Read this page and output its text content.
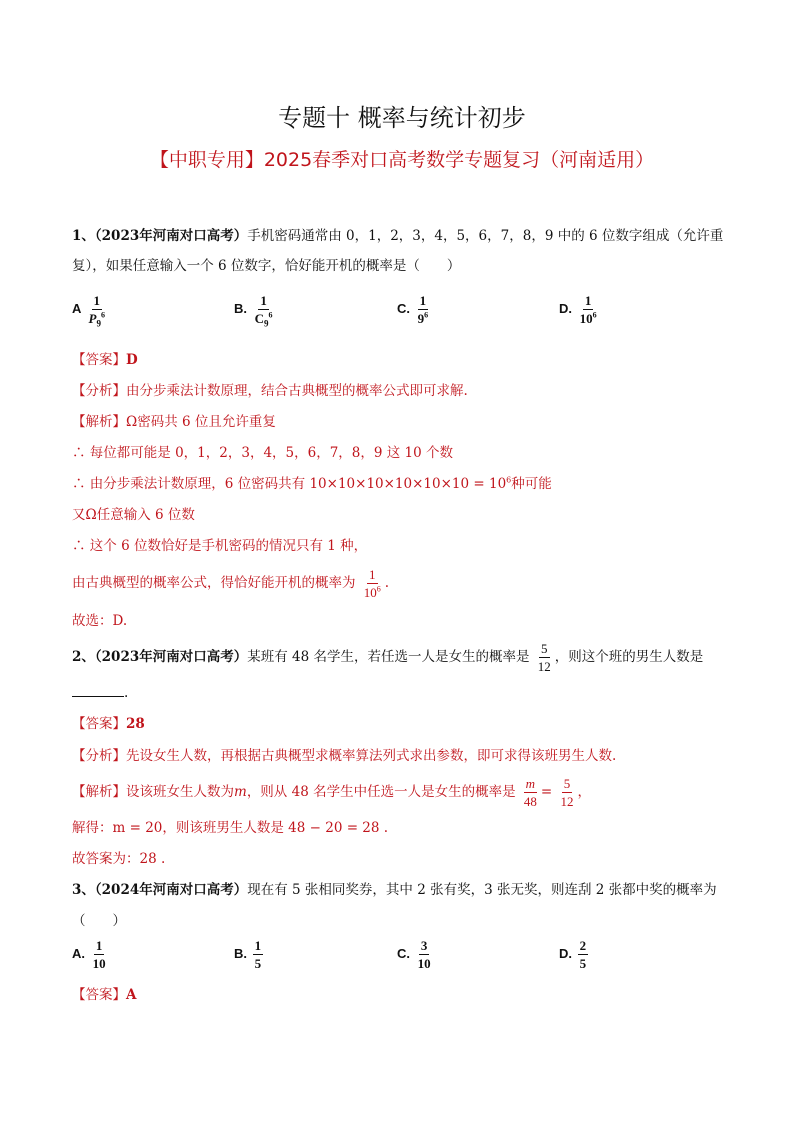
专题十 概率与统计初步
【中职专用】2025春季对口高考数学专题复习（河南适用）
1、（2023年河南对口高考）手机密码通常由 0，1，2，3，4，5，6，7，8，9 中的 6 位数字组成（允许重
复），如果任意输入一个 6 位数字，恰好能开机的概率是（　　）
A $\frac{1}{P_9^6}$	B. $\frac{1}{C_9^6}$	C. $\frac{1}{9^6}$	D. $\frac{1}{10^6}$
【答案】D
【分析】由分步乘法计数原理，结合古典概型的概率公式即可求解.
【解析】Ω密码共 6 位且允许重复
∴ 每位都可能是 0，1，2，3，4，5，6，7，8，9 这 10 个数
∴ 由分步乘法计数原理，6 位密码共有 $10\times 10\times 10\times 10\times 10\times 10 = 10^6$种可能
又Ω任意输入 6 位数
∴ 这个 6 位数恰好是手机密码的情况只有 1 种，
由古典概型的概率公式，得恰好能开机的概率为 $\frac{1}{10^6}$ .
故选：D.
2、（2023年河南对口高考）某班有 48 名学生，若任选一人是女生的概率是 $\frac{5}{12}$ ，则这个班的男生人数是
.
【答案】28
【分析】先设女生人数，再根据古典概型求概率算法列式求出参数，即可求得该班男生人数.
【解析】设该班女生人数为m，则从 48 名学生中任选一人是女生的概率是 $\frac{m}{48} = \frac{5}{12}$ ，
解得：m = 20，则该班男生人数是 48 − 20 = 28 .
故答案为：28 .
3、（2024年河南对口高考）现在有 5 张相同奖券，其中 2 张有奖，3 张无奖，则连刮 2 张都中奖的概率为
（　　）
A. $\frac{1}{10}$	B. $\frac{1}{5}$	C. $\frac{3}{10}$	D. $\frac{2}{5}$
【答案】A
